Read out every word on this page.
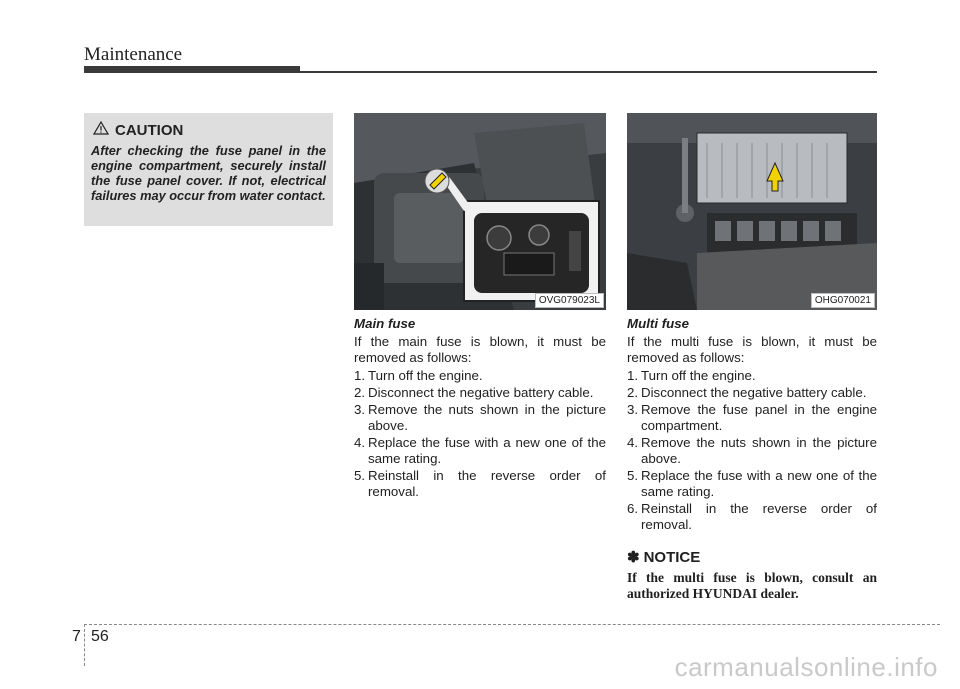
Maintenance
CAUTION
After checking the fuse panel in the engine compartment, securely install the fuse panel cover. If not, electrical failures may occur from water contact.
OVG079023L	OHG070021
Main fuse

If the main fuse is blown, it must be removed as follows:

1. Turn off the engine.
2. Disconnect the negative battery cable.
3. Remove the nuts shown in the picture above.
4. Replace the fuse with a new one of the same rating.
5. Reinstall in the reverse order of removal.
Multi fuse

If the multi fuse is blown, it must be removed as follows:

1. Turn off the engine.
2. Disconnect the negative battery cable.
3. Remove the fuse panel in the engine compartment.
4. Remove the nuts shown in the picture above.
5. Replace the fuse with a new one of the same rating.
6. Reinstall in the reverse order of removal.
✽ NOTICE
If the multi fuse is blown, consult an authorized HYUNDAI dealer.
7 56
carmanualsonline.info
